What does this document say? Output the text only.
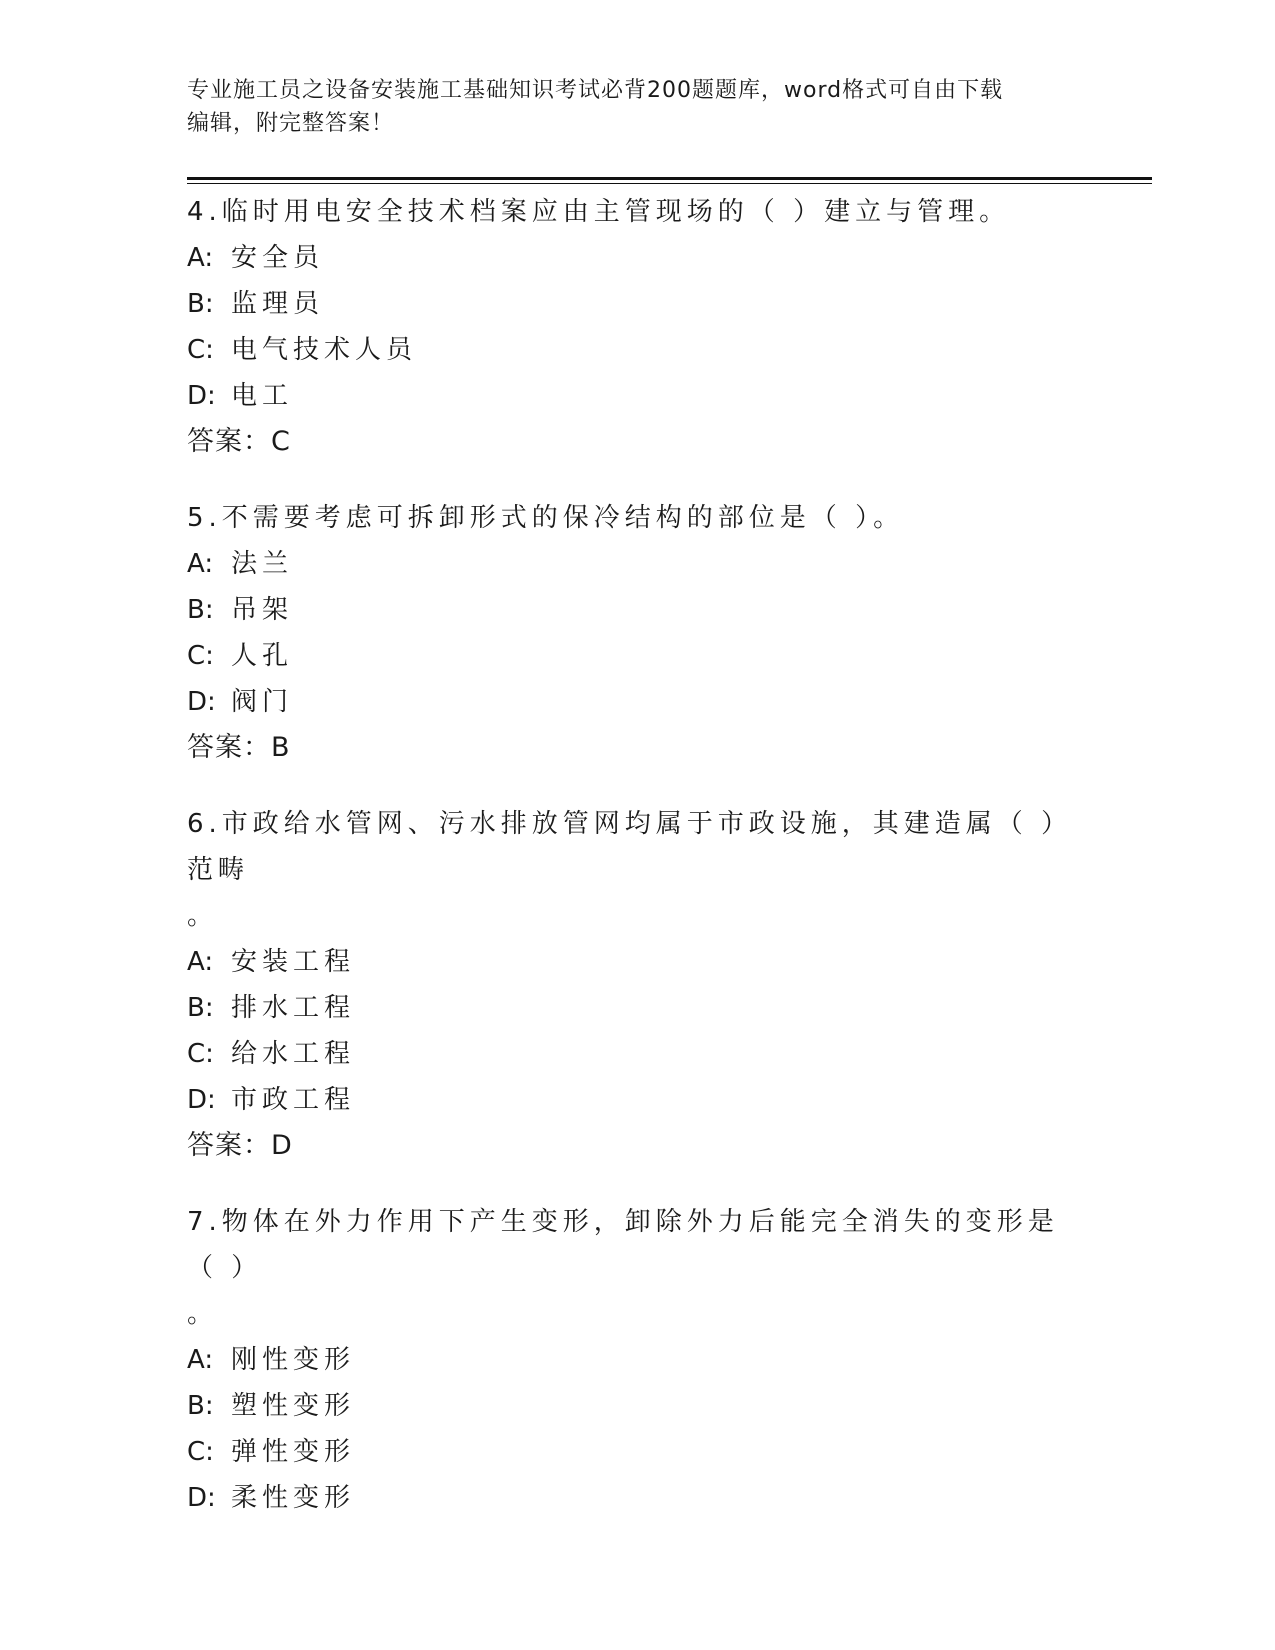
专业施工员之设备安装施工基础知识考试必背200题题库，word格式可自由下载
编辑，附完整答案！
4.临时用电安全技术档案应由主管现场的（ ）建立与管理。
A: 安全员
B: 监理员
C: 电气技术人员
D: 电工
答案：C
5.不需要考虑可拆卸形式的保冷结构的部位是（ ）。
A: 法兰
B: 吊架
C: 人孔
D: 阀门
答案：B
6.市政给水管网、污水排放管网均属于市政设施，其建造属（ ）范畴
。
A: 安装工程
B: 排水工程
C: 给水工程
D: 市政工程
答案：D
7.物体在外力作用下产生变形，卸除外力后能完全消失的变形是（ ）
。
A: 刚性变形
B: 塑性变形
C: 弹性变形
D: 柔性变形
